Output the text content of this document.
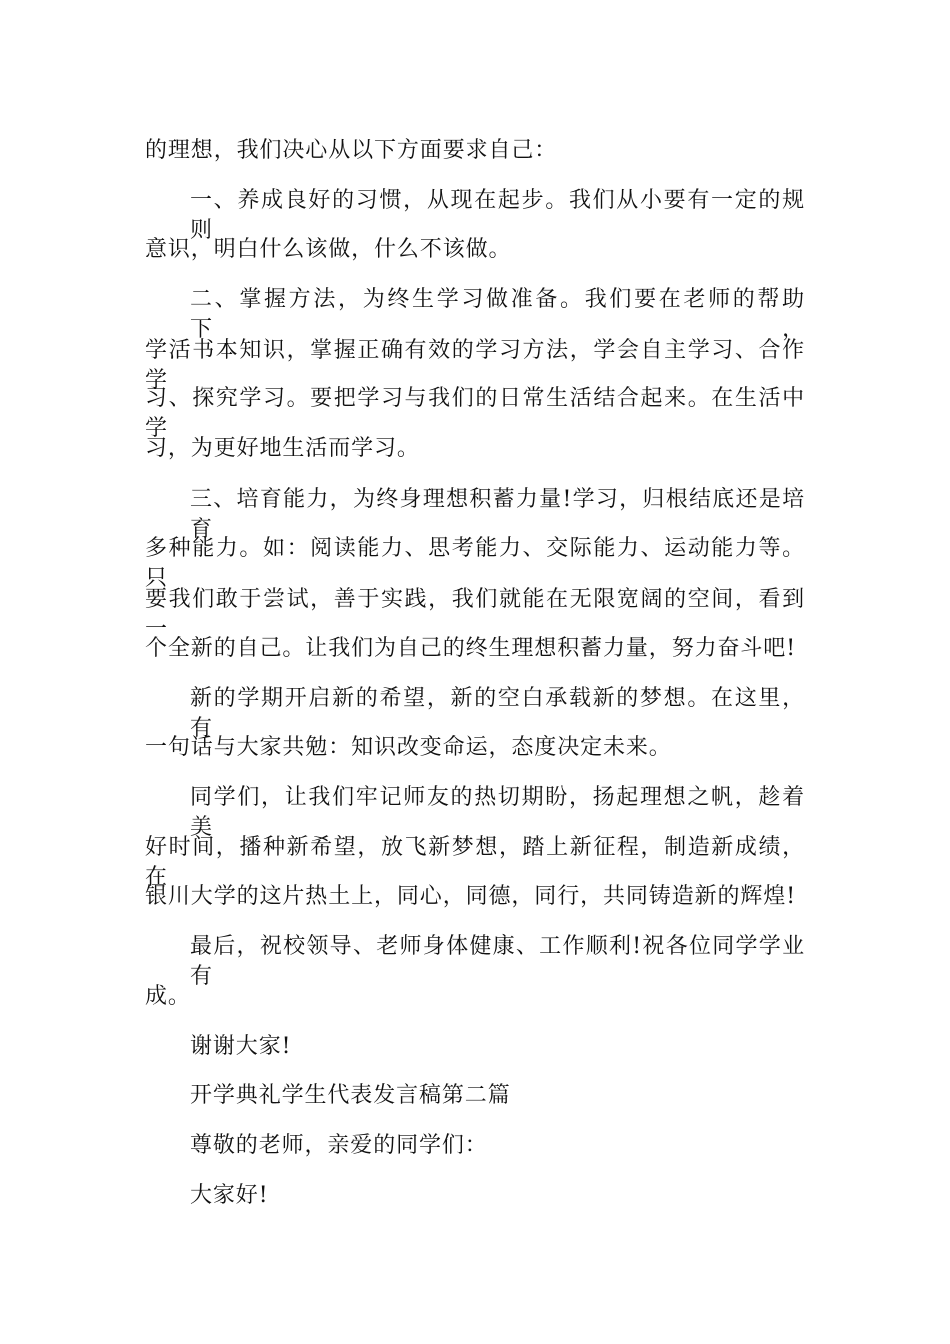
的理想，我们决心从以下方面要求自己：
一、养成良好的习惯，从现在起步。我们从小要有一定的规则
意识，明白什么该做，什么不该做。
二、掌握方法，为终生学习做准备。我们要在老师的帮助下，
学活书本知识，掌握正确有效的学习方法，学会自主学习、合作学
习、探究学习。要把学习与我们的日常生活结合起来。在生活中学
习，为更好地生活而学习。
三、培育能力，为终身理想积蓄力量!学习，归根结底还是培育
多种能力。如：阅读能力、思考能力、交际能力、运动能力等。只
要我们敢于尝试，善于实践，我们就能在无限宽阔的空间，看到一
个全新的自己。让我们为自己的终生理想积蓄力量，努力奋斗吧!
新的学期开启新的希望，新的空白承载新的梦想。在这里，有
一句话与大家共勉：知识改变命运，态度决定未来。
同学们，让我们牢记师友的热切期盼，扬起理想之帆，趁着美
好时间，播种新希望，放飞新梦想，踏上新征程，制造新成绩，在
银川大学的这片热土上，同心，同德，同行，共同铸造新的辉煌!
最后，祝校领导、老师身体健康、工作顺利!祝各位同学学业有
成。
谢谢大家!
开学典礼学生代表发言稿第二篇
尊敬的老师，亲爱的同学们：
大家好!
